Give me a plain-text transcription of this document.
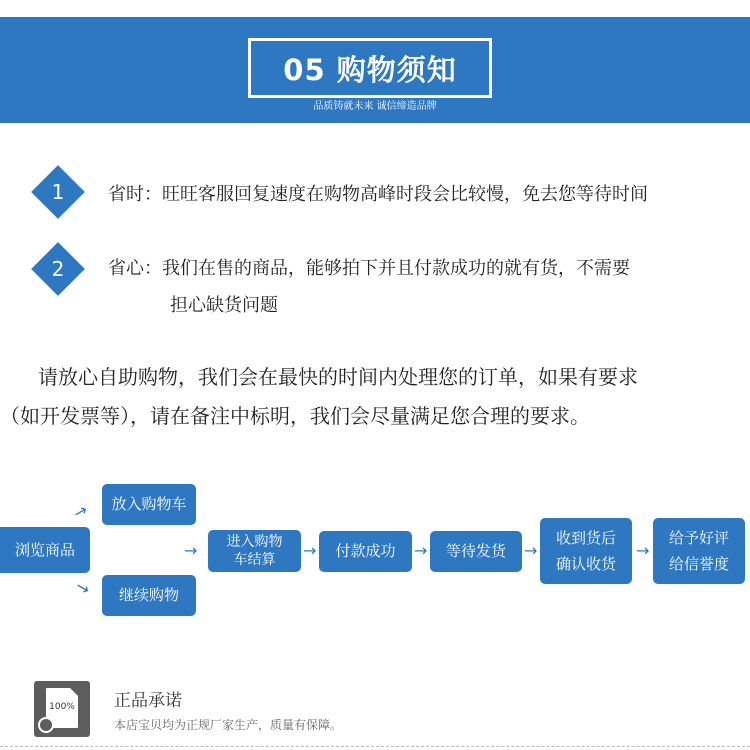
05 购物须知
品质铸就未来 诚信缔造品牌
1	省时：旺旺客服回复速度在购物高峰时段会比较慢，免去您等待时间
2	省心：我们在售的商品，能够拍下并且付款成功的就有货，不需要
担心缺货问题
请放心自助购物，我们会在最快的时间内处理您的订单，如果有要求
（如开发票等），请在备注中标明，我们会尽量满足您合理的要求。
浏览商品
放入购物车
继续购物
进入购物
车结算	付款成功	等待发货
收到货后
确认收货
给予好评
给信誉度
→
→
→	→	→	→	→
100% 正品承诺
本店宝贝均为正规厂家生产，质量有保障。
